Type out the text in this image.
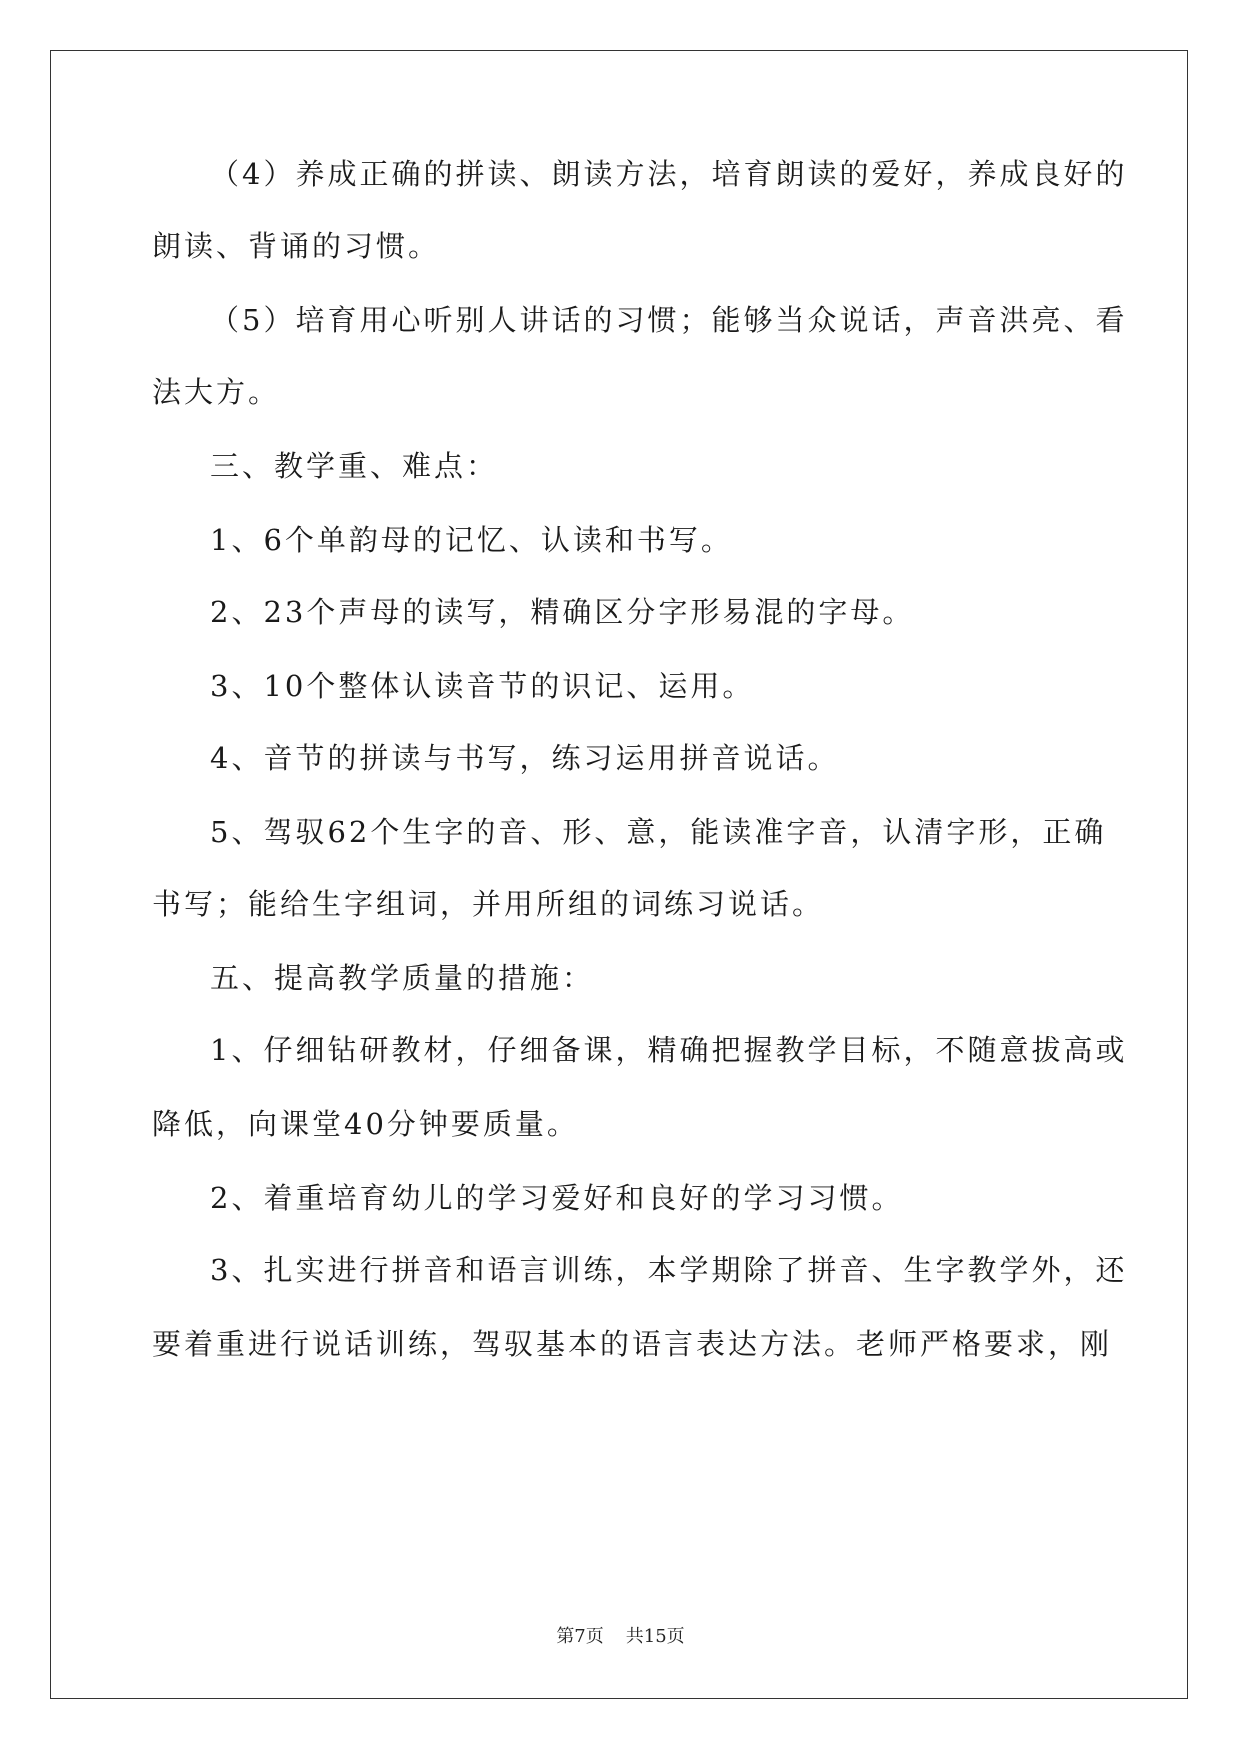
（4）养成正确的拼读、朗读方法，培育朗读的爱好，养成良好的
朗读、背诵的习惯。
（5）培育用心听别人讲话的习惯；能够当众说话，声音洪亮、看
法大方。
三、教学重、难点：
1、6个单韵母的记忆、认读和书写。
2、23个声母的读写，精确区分字形易混的字母。
3、10个整体认读音节的识记、运用。
4、音节的拼读与书写，练习运用拼音说话。
5、驾驭62个生字的音、形、意，能读准字音，认清字形，正确
书写；能给生字组词，并用所组的词练习说话。
五、提高教学质量的措施：
1、仔细钻研教材，仔细备课，精确把握教学目标，不随意拔高或
降低，向课堂40分钟要质量。
2、着重培育幼儿的学习爱好和良好的学习习惯。
3、扎实进行拼音和语言训练，本学期除了拼音、生字教学外，还
要着重进行说话训练，驾驭基本的语言表达方法。老师严格要求，刚
第7页 共15页
